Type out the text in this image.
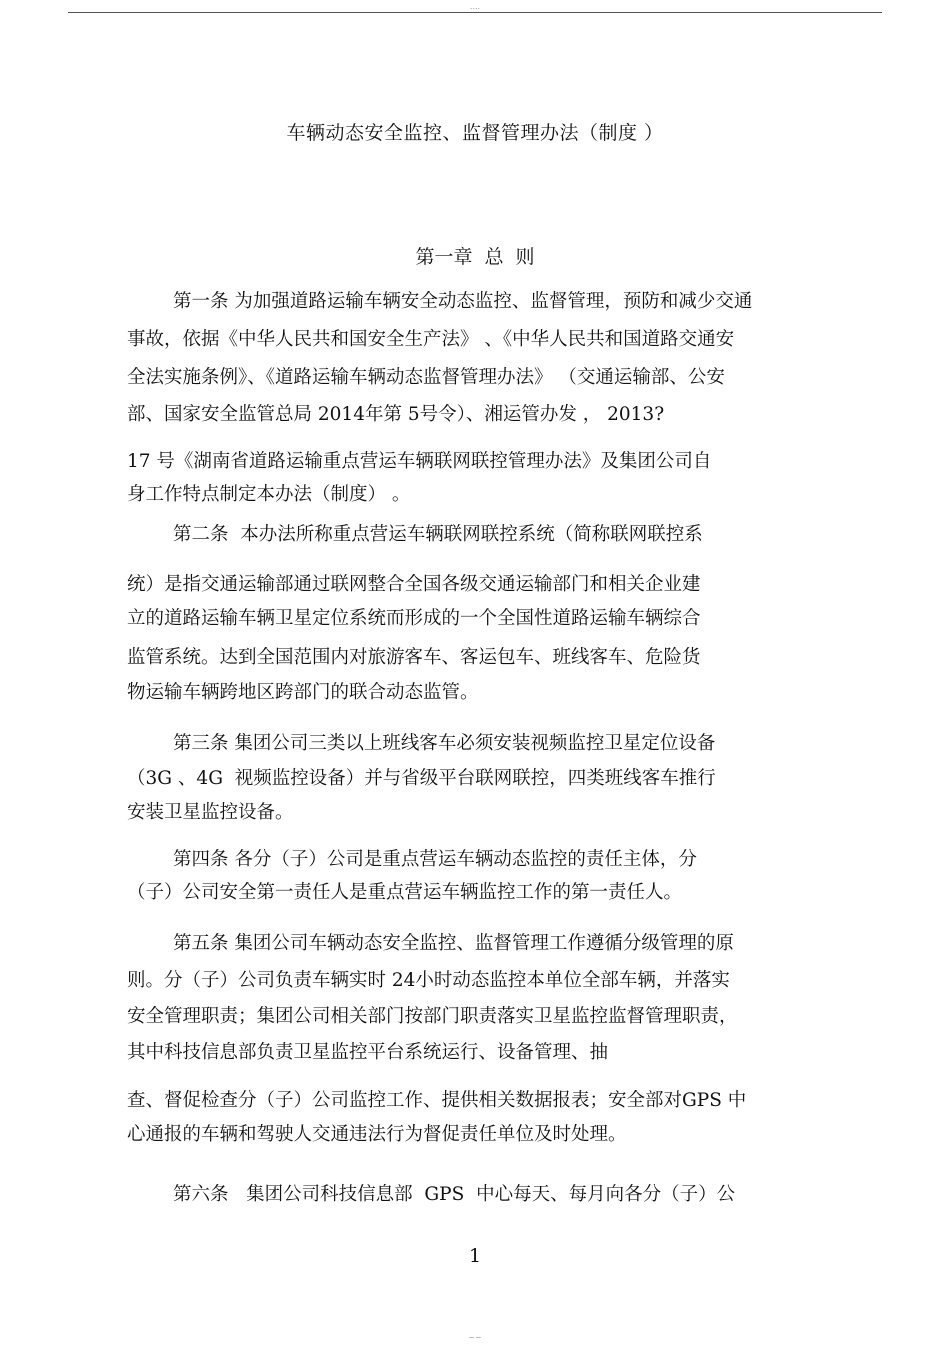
....
车辆动态安全监控、监督管理办法（制度 ）
第一章 总 则
第一条 为加强道路运输车辆安全动态监控、监督管理，预防和减少交通
事故，依据《中华人民共和国安全生产法》 、《中华人民共和国道路交通安
全法实施条例》、《道路运输车辆动态监督管理办法》 （交通运输部、公安
部、国家安全监管总局 2014年第 5号令）、湘运管办发 ， 2013?
17 号《湖南省道路运输重点营运车辆联网联控管理办法》及集团公司自
身工作特点制定本办法（制度） 。
第二条  本办法所称重点营运车辆联网联控系统（简称联网联控系
统）是指交通运输部通过联网整合全国各级交通运输部门和相关企业建
立的道路运输车辆卫星定位系统而形成的一个全国性道路运输车辆综合
监管系统。达到全国范围内对旅游客车、客运包车、班线客车、危险货
物运输车辆跨地区跨部门的联合动态监管。
第三条 集团公司三类以上班线客车必须安装视频监控卫星定位设备
（3G 、4G  视频监控设备）并与省级平台联网联控，四类班线客车推行
安装卫星监控设备。
第四条 各分（子）公司是重点营运车辆动态监控的责任主体，分
（子）公司安全第一责任人是重点营运车辆监控工作的第一责任人。
第五条 集团公司车辆动态安全监控、监督管理工作遵循分级管理的原
则。分（子）公司负责车辆实时 24小时动态监控本单位全部车辆，并落实
安全管理职责；集团公司相关部门按部门职责落实卫星监控监督管理职责，
其中科技信息部负责卫星监控平台系统运行、设备管理、抽
查、督促检查分（子）公司监控工作、提供相关数据报表；安全部对GPS 中
心通报的车辆和驾驶人交通违法行为督促责任单位及时处理。
第六条   集团公司科技信息部  GPS  中心每天、每月向各分（子）公
1
~~
